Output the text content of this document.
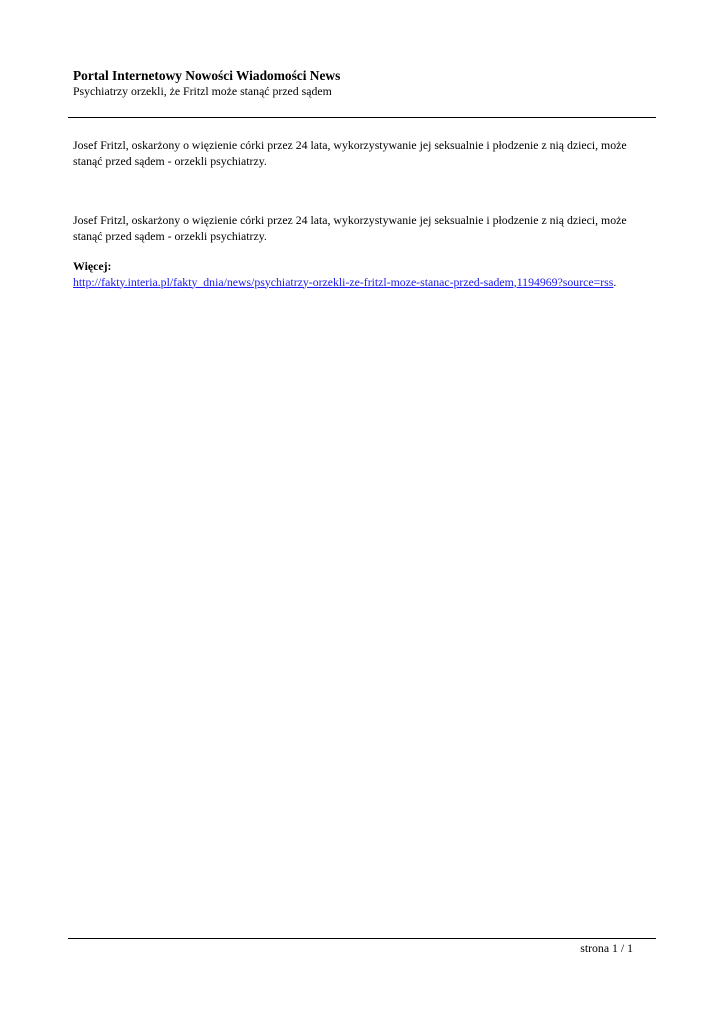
Portal Internetowy Nowości Wiadomości News

Psychiatrzy orzekli, że Fritzl może stanąć przed sądem

Josef Fritzl, oskarżony o więzienie córki przez 24 lata, wykorzystywanie jej seksualnie i płodzenie z nią dzieci, może stanąć przed sądem - orzekli psychiatrzy.

Josef Fritzl, oskarżony o więzienie córki przez 24 lata, wykorzystywanie jej seksualnie i płodzenie z nią dzieci, może stanąć przed sądem - orzekli psychiatrzy.

Więcej:
http://fakty.interia.pl/fakty_dnia/news/psychiatrzy-orzekli-ze-fritzl-moze-stanac-przed-sadem,1194969?source=rss.
strona 1 / 1
